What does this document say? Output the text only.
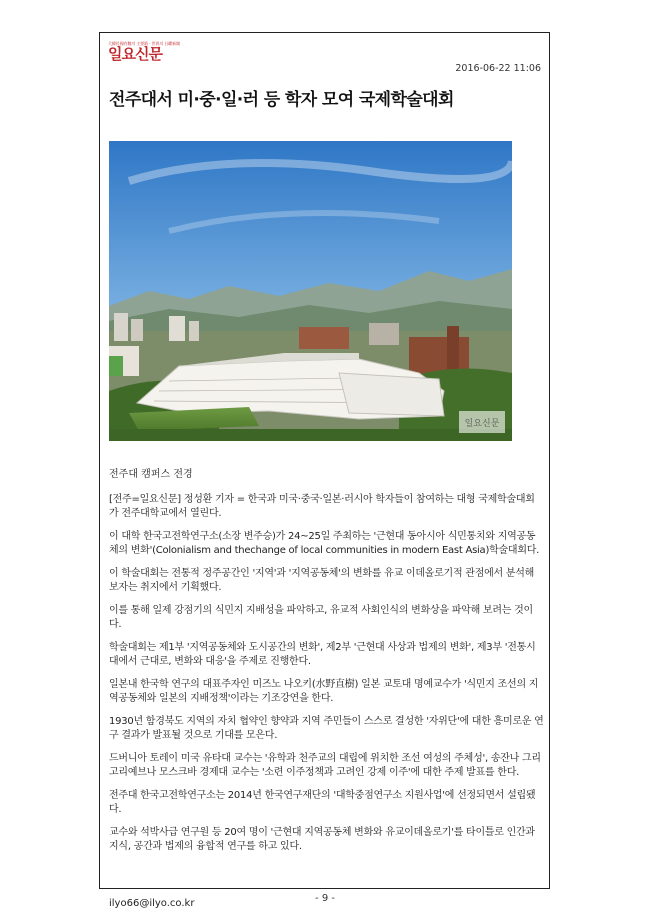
大韓民國有數의 主要紙 · 世界의 日曜新聞
일요신문
2016-06-22 11:06
전주대서 미·중·일·러 등 학자 모여 국제학술대회
일요신문
전주대 캠퍼스 전경

[전주=일요신문] 정성환 기자 = 한국과 미국·중국·일본·러시아 학자들이 참여하는 대형 국제학술대회가 전주대학교에서 열린다.

이 대학 한국고전학연구소(소장 변주승)가 24~25일 주최하는 '근현대 동아시아 식민통치와 지역공동체의 변화'(Colonialism and thechange of local communities in modern East Asia)학술대회다.

이 학술대회는 전통적 정주공간인 '지역'과 '지역공동체'의 변화를 유교 이데올로기적 관점에서 분석해 보자는 취지에서 기획했다.

이를 통해 일제 강점기의 식민지 지배성을 파악하고, 유교적 사회인식의 변화상을 파악해 보려는 것이다.

학술대회는 제1부 '지역공동체와 도시공간의 변화', 제2부 '근현대 사상과 법제의 변화', 제3부 '전통시대에서 근대로, 변화와 대응'을 주제로 진행한다.

일본내 한국학 연구의 대표주자인 미즈노 나오키(水野直樹) 일본 교토대 명예교수가 '식민지 조선의 지역공동체와 일본의 지배정책'이라는 기조강연을 한다.

1930년 함경북도 지역의 자치 협약인 향약과 지역 주민들이 스스로 결성한 '자위단'에 대한 흥미로운 연구 결과가 발표될 것으로 기대를 모은다.

드버니아 토레이 미국 유타대 교수는 '유학과 천주교의 대립에 위치한 조선 여성의 주체성', 송잔나 그리고리예브나 모스크바 경제대 교수는 '소련 이주정책과 고려인 강제 이주'에 대한 주제 발표를 한다.

전주대 한국고전학연구소는 2014년 한국연구재단의 '대학중점연구소 지원사업'에 선정되면서 설립됐다.

교수와 석박사급 연구원 등 20여 명이 '근현대 지역공동체 변화와 유교이데올로기'를 타이틀로 인간과 지식, 공간과 법제의 융합적 연구를 하고 있다.

ilyo66@ilyo.co.kr	- 9 -
